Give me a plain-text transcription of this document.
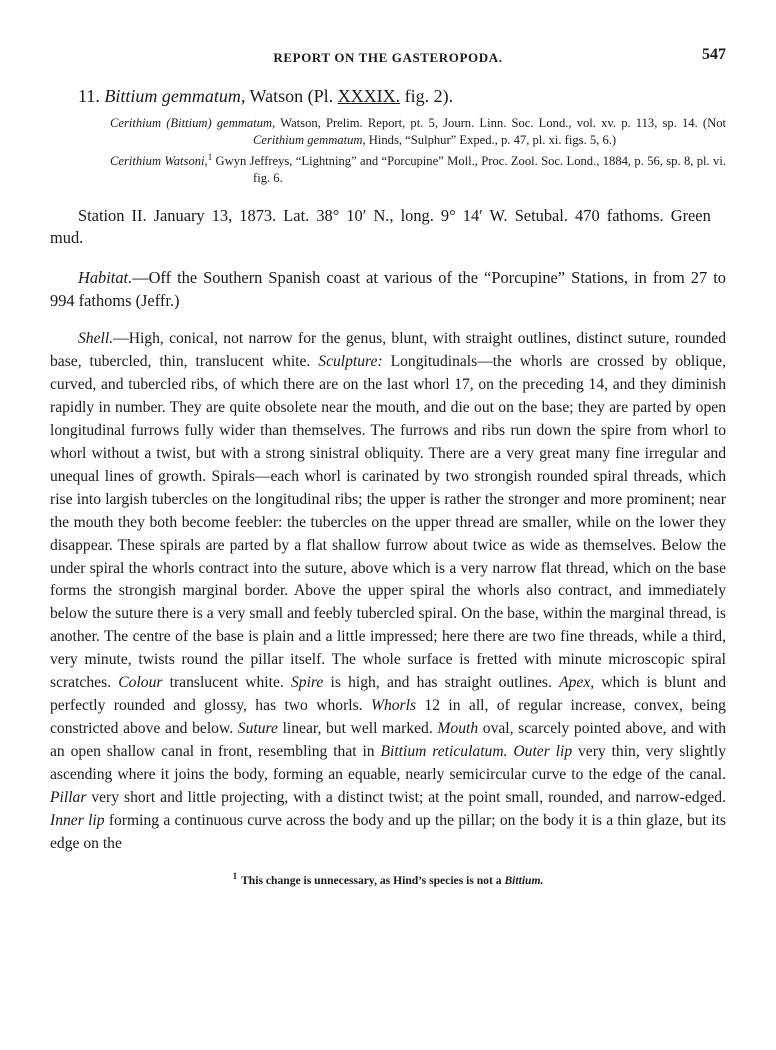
REPORT ON THE GASTEROPODA.	547
11. Bittium gemmatum, Watson (Pl. XXXIX. fig. 2).
Cerithium (Bittium) gemmatum, Watson, Prelim. Report, pt. 5, Journ. Linn. Soc. Lond., vol. xv. p. 113, sp. 14. (Not Cerithium gemmatum, Hinds, “Sulphur” Exped., p. 47, pl. xi. figs. 5, 6.)
Cerithium Watsoni,$^1$ Gwyn Jeffreys, “Lightning” and “Porcupine” Moll., Proc. Zool. Soc. Lond., 1884, p. 56, sp. 8, pl. vi. fig. 6.

Station II. January 13, 1873. Lat. 38° 10′ N., long. 9° 14′ W. Setubal. 470 fathoms. Green mud.

Habitat.—Off the Southern Spanish coast at various of the “Porcupine” Stations, in from 27 to 994 fathoms (Jeffr.)

Shell.—High, conical, not narrow for the genus, blunt, with straight outlines, distinct suture, rounded base, tubercled, thin, translucent white. Sculpture: Longitudinals—the whorls are crossed by oblique, curved, and tubercled ribs, of which there are on the last whorl 17, on the preceding 14, and they diminish rapidly in number. They are quite obsolete near the mouth, and die out on the base; they are parted by open longitudinal furrows fully wider than themselves. The furrows and ribs run down the spire from whorl to whorl without a twist, but with a strong sinistral obliquity. There are a very great many fine irregular and unequal lines of growth. Spirals—each whorl is carinated by two strongish rounded spiral threads, which rise into largish tubercles on the longitudinal ribs; the upper is rather the stronger and more prominent; near the mouth they both become feebler: the tubercles on the upper thread are smaller, while on the lower they disappear. These spirals are parted by a flat shallow furrow about twice as wide as themselves. Below the under spiral the whorls contract into the suture, above which is a very narrow flat thread, which on the base forms the strongish marginal border. Above the upper spiral the whorls also contract, and immediately below the suture there is a very small and feebly tubercled spiral. On the base, within the marginal thread, is another. The centre of the base is plain and a little impressed; here there are two fine threads, while a third, very minute, twists round the pillar itself. The whole surface is fretted with minute microscopic spiral scratches. Colour translucent white. Spire is high, and has straight outlines. Apex, which is blunt and perfectly rounded and glossy, has two whorls. Whorls 12 in all, of regular increase, convex, being constricted above and below. Suture linear, but well marked. Mouth oval, scarcely pointed above, and with an open shallow canal in front, resembling that in Bittium reticulatum. Outer lip very thin, very slightly ascending where it joins the body, forming an equable, nearly semicircular curve to the edge of the canal. Pillar very short and little projecting, with a distinct twist; at the point small, rounded, and narrow-edged. Inner lip forming a continuous curve across the body and up the pillar; on the body it is a thin glaze, but its edge on the

$^1$ This change is unnecessary, as Hind’s species is not a Bittium.
